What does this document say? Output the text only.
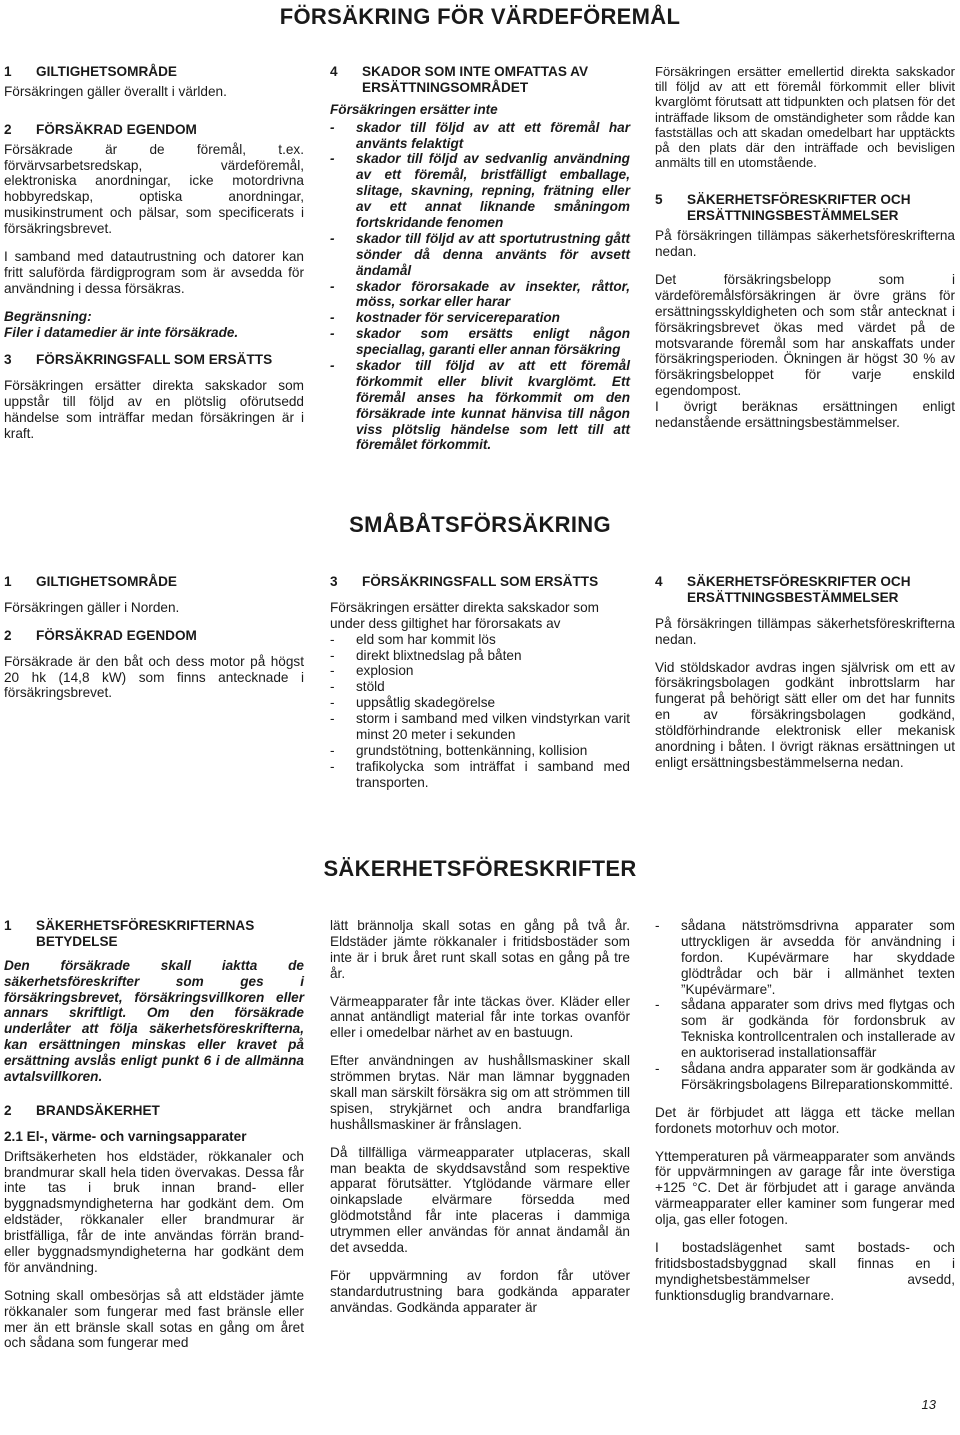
FÖRSÄKRING FÖR VÄRDEFÖREMÅL
1	GILTIGHETSOMRÅDE

Försäkringen gäller överallt i världen.

2	FÖRSÄKRAD EGENDOM

Försäkrade är de föremål, t.ex. förvärvsarbetsredskap, värdeföremål, elektroniska anordningar, icke motordrivna hobbyredskap, optiska anordningar, musikinstrument och pälsar, som specificerats i försäkringsbrevet.

I samband med datautrustning och datorer kan fritt salufördа färdigprogram som är avsedda för användning i dessa försäkras.

Begränsning:

Filer i datamedier är inte försäkrade.

3	FÖRSÄKRINGSFALL SOM ERSÄTTS

Försäkringen ersätter direkta sakskador som uppstår till följd av en plötslig oförutsedd händelse som inträffar medan försäkringen är i kraft.

4	SKADOR SOM INTE OMFATTAS AV ERSÄTTNINGSOMRÅDET
Försäkringen ersätter inte
-	skador till följd av att ett föremål har använts felaktigt
-	skador till följd av sedvanlig användning av ett föremål, bristfälligt emballage, slitage, skavning, repning, frätning eller av ett annat liknande småningom fortskridande fenomen
-	skador till följd av att sportutrustning gått sönder då denna använts för avsett ändamål
-	skador förorsakade av insekter, råttor, möss, sorkar eller harar
-	kostnader för servicereparation
-	skador som ersätts enligt någon speciallag, garanti eller annan försäkring
-	skador till följd av att ett föremål förkommit eller blivit kvarglömt. Ett föremål anses ha förkommit om den försäkrade inte kunnat hänvisa till någon viss plötslig händelse som lett till att föremålet förkommit.

Försäkringen ersätter emellertid direkta sakskador till följd av att ett föremål förkommit eller blivit kvarglömt förutsatt att tidpunkten och platsen för det inträffade liksom de omständigheter som rådde kan fastställas och att skadan omedelbart har upptäckts på den plats där den inträffade och bevisligen anmälts till en utomstående.

5	SÄKERHETSFÖRESKRIFTER OCH ERSÄTTNINGSBESTÄMMELSER

På försäkringen tillämpas säkerhetsföreskrifterna nedan.

Det försäkringsbelopp som i värdeföremålsförsäkringen är övre gräns för ersättningsskyldigheten och som står antecknat i försäkringsbrevet ökas med värdet på de motsvarande föremål som har anskaffats under försäkringsperioden. Ökningen är högst 30 % av försäkringsbeloppet för varje enskild egendompost.

I övrigt beräknas ersättningen enligt nedanstående ersättningsbestämmelser.

SMÅBÅTSFÖRSÄKRING
1	GILTIGHETSOMRÅDE

Försäkringen gäller i Norden.

2	FÖRSÄKRAD EGENDOM

Försäkrade är den båt och dess motor på högst 20 hk (14,8 kW) som finns antecknade i försäkringsbrevet.

3	FÖRSÄKRINGSFALL SOM ERSÄTTS
Försäkringen ersätter direkta sakskador som under dess giltighet har förorsakats av
-	eld som har kommit lös
-	direkt blixtnedslag på båten
-	explosion
-	stöld
-	uppsåtlig skadegörelse
-	storm i samband med vilken vindstyrkan varit minst 20 meter i sekunden
-	grundstötning, bottenkänning, kollision
-	trafikolycka som inträffat i samband med transporten.
4	SÄKERHETSFÖRESKRIFTER OCH ERSÄTTNINGSBESTÄMMELSER

På försäkringen tillämpas säkerhetsföreskrifterna nedan.

Vid stöldskador avdras ingen självrisk om ett av försäkringsbolagen godkänt inbrottslarm har fungerat på behörigt sätt eller om det har funnits en av försäkringsbolagen godkänd, stöldförhindrande elektronisk eller mekanisk anordning i båten. I övrigt räknas ersättningen ut enligt ersättningsbestämmelserna nedan.

SÄKERHETSFÖRESKRIFTER
1	SÄKERHETSFÖRESKRIFTERNAS BETYDELSE

Den försäkrade skall iaktta de säkerhetsföreskrifter som ges i försäkringsbrevet, försäkringsvillkoren eller annars skriftligt. Om den försäkrade underlåter att följa säkerhetsföreskrifterna, kan ersättningen minskas eller kravet på ersättning avslås enligt punkt 6 i de allmänna avtalsvillkoren.

2	BRANDSÄKERHET
2.1 El-, värme- och varningsapparater

Driftsäkerheten hos eldstäder, rökkanaler och brandmurar skall hela tiden övervakas. Dessa får inte tas i bruk innan brand- eller byggnadsmyndigheterna har godkänt dem. Om eldstäder, rökkanaler eller brandmurar är bristfälliga, får de inte användas förrän brand- eller byggnadsmyndigheterna har godkänt dem för användning.

Sotning skall ombesörjas så att eldstäder jämte rökkanaler som fungerar med fast bränsle eller mer än ett bränsle skall sotas en gång om året och sådana som fungerar med

lätt brännolja skall sotas en gång på två år. Eldstäder jämte rökkanaler i fritidsbostäder som inte är i bruk året runt skall sotas en gång på tre år.

Värmeapparater får inte täckas över. Kläder eller annat antändligt material får inte torkas ovanför eller i omedelbar närhet av en bastuugn.

Efter användningen av hushållsmaskiner skall strömmen brytas. När man lämnar byggnaden skall man särskilt försäkra sig om att strömmen till spisen, strykjärnet och andra brandfarliga hushållsmaskiner är frånslagen.

Då tillfälliga värmeapparater utplaceras, skall man beakta de skyddsavstånd som respektive apparat förutsätter. Ytglödande värmare eller oinkapslade elvärmare försedda med glödmotstånd får inte placeras i dammiga utrymmen eller användas för annat ändamål än det avsedda.

För uppvärmning av fordon får utöver standardutrustning bara godkända apparater användas. Godkända apparater är

-	sådana nätströmsdrivna apparater som uttryckligen är avsedda för användning i fordon. Kupévärmare har skyddade glödtrådar och bär i allmänhet texten ”Kupévärmare”.
-	sådana apparater som drivs med flytgas och som är godkända för fordonsbruk av Tekniska kontrollcentralen och installerade av en auktoriserad installationsaffär
-	sådana andra apparater som är godkända av Försäkringsbolagens Bilreparationskommitté.

Det är förbjudet att lägga ett täcke mellan fordonets motorhuv och motor.

Yttemperaturen på värmeapparater som används för uppvärmningen av garage får inte överstiga +125 °C. Det är förbjudet att i garage använda värmeapparater eller kaminer som fungerar med olja, gas eller fotogen.

I bostadslägenhet samt bostads- och fritidsbostadsbyggnad skall finnas en i myndighetsbestämmelser avsedd, funktionsduglig brandvarnare.

13
